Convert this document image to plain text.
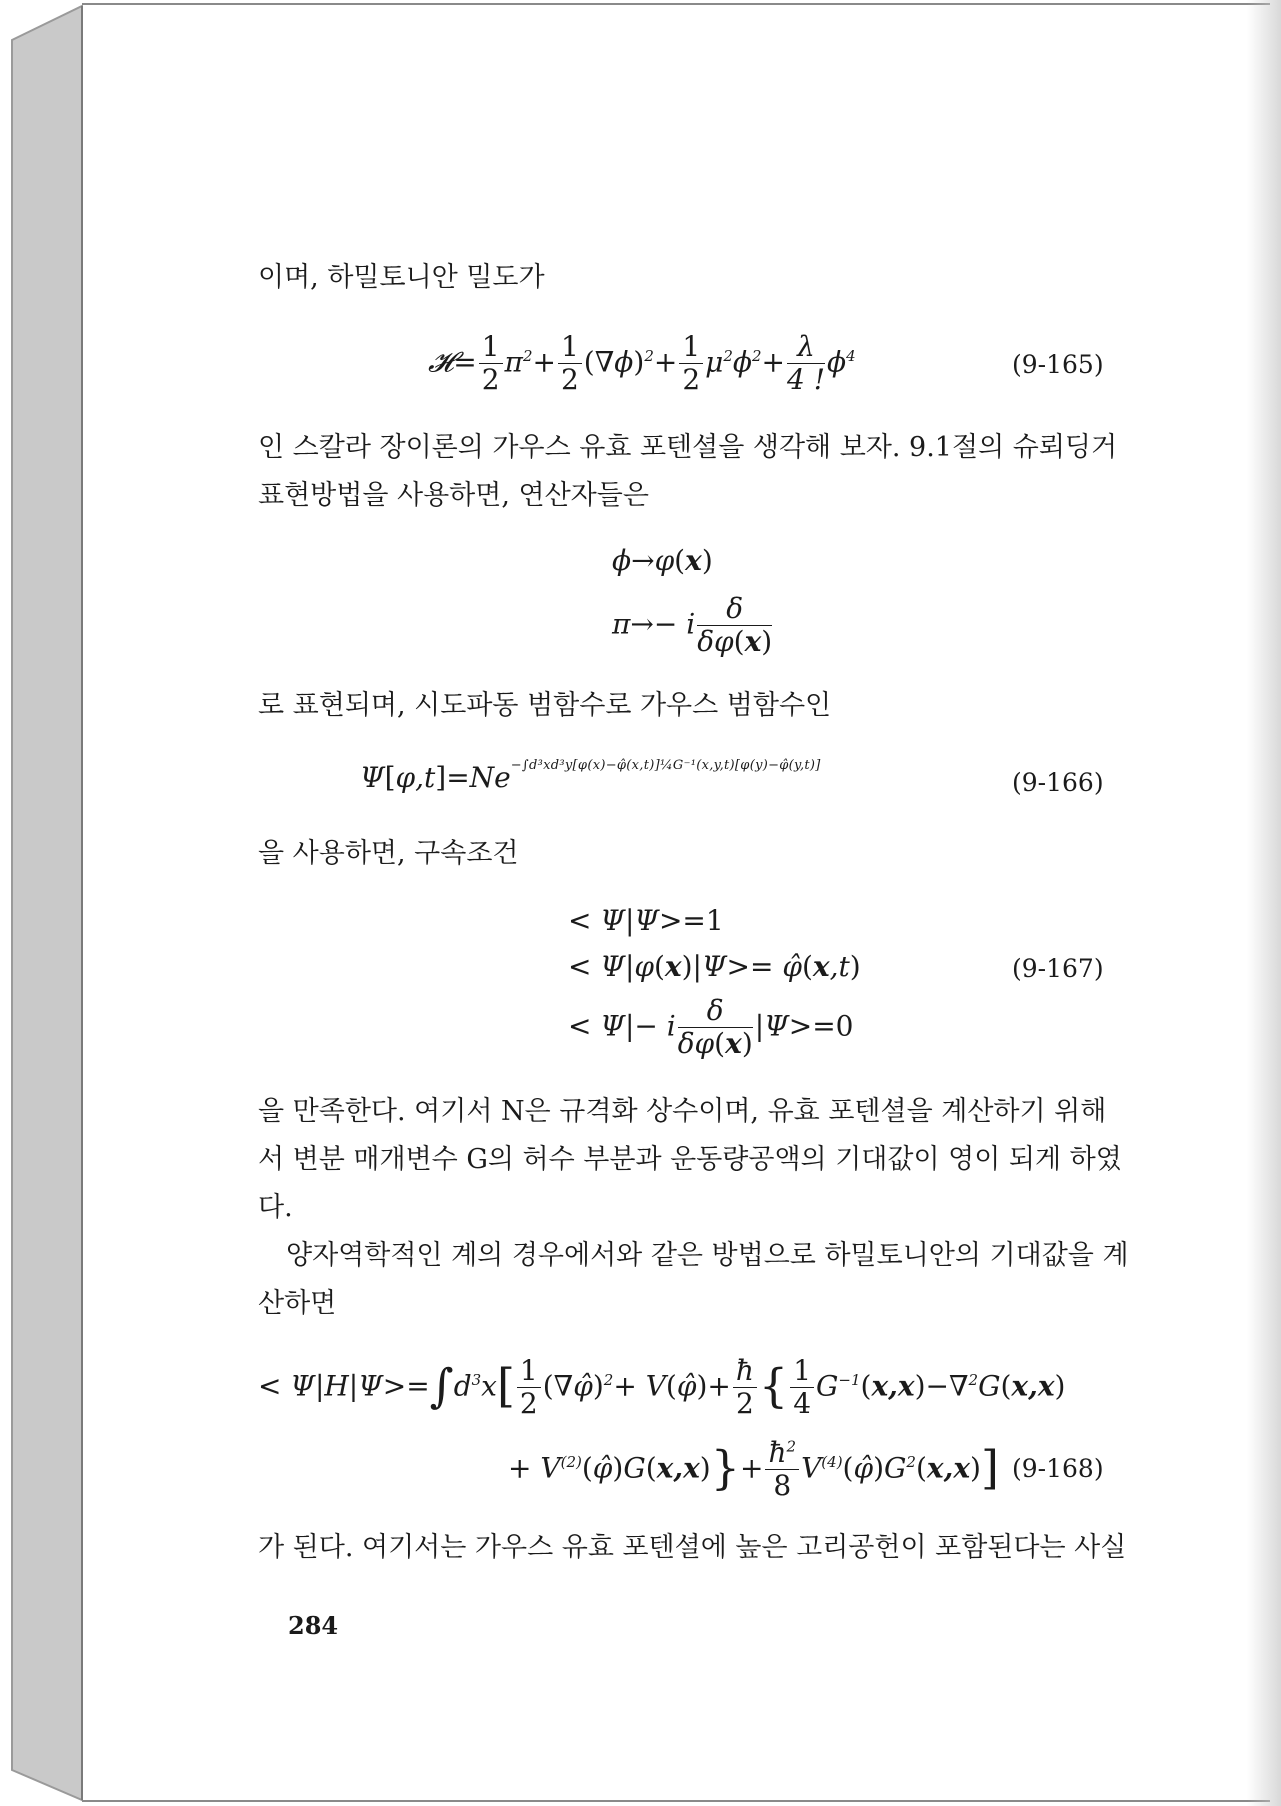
이며, 하밀토니안 밀도가
𝓗= $\frac{1}{2} \pi^2+ \frac{1}{2} (\nabla\phi)^2+ \frac{1}{2} \mu^2\phi^2+ \frac{\lambda}{4 !} \phi^4$	(9-165)
인 스칼라 장이론의 가우스 유효 포텐셜을 생각해 보자. 9.1절의 슈뢰딩거
표현방법을 사용하면, 연산자들은
ϕ→φ(x)
π→− i $\frac{\delta}{\delta\varphi(x)}$
로 표현되며, 시도파동 범함수로 가우스 범함수인
$\Psi[\varphi,t]=Ne^{-\int d^3xd^3y[\varphi(x)-\varphî(x,t)]\frac{1}{4}G^{-1}(x,y,t)[\varphi(y)-\varphî(y,t)]}$
(9-166)
을 사용하면, 구속조건
< Ψ|Ψ>=1
< Ψ|φ(x)|Ψ>= φ̂(x,t)	(9-167)
< Ψ|− i $\frac{\delta}{\delta\varphi(x)} |\Psi>=0$
을 만족한다. 여기서 N은 규격화 상수이며, 유효 포텐셜을 계산하기 위해
서 변분 매개변수 G의 허수 부분과 운동량공액의 기대값이 영이 되게 하였
다.
양자역학적인 계의 경우에서와 같은 방법으로 하밀토니안의 기대값을 계
산하면
< $\Psi|H|\Psi>=\int d^3x[ \frac{1}{2}$ (∇φ̂)$^2$+ V(φ̂)+ $\frac{ħ}{2}$ { $\frac{1}{4} G^{-1}(x,x)-\nabla^2G(x,x)$
+ $V^{(2)}(\varphî)G(x,x)\}+ \frac{ħ^2}{8}$ $V^{(4)}(\varphî)G^2(x,x)$] (9-168)
가 된다. 여기서는 가우스 유효 포텐셜에 높은 고리공헌이 포함된다는 사실
284
